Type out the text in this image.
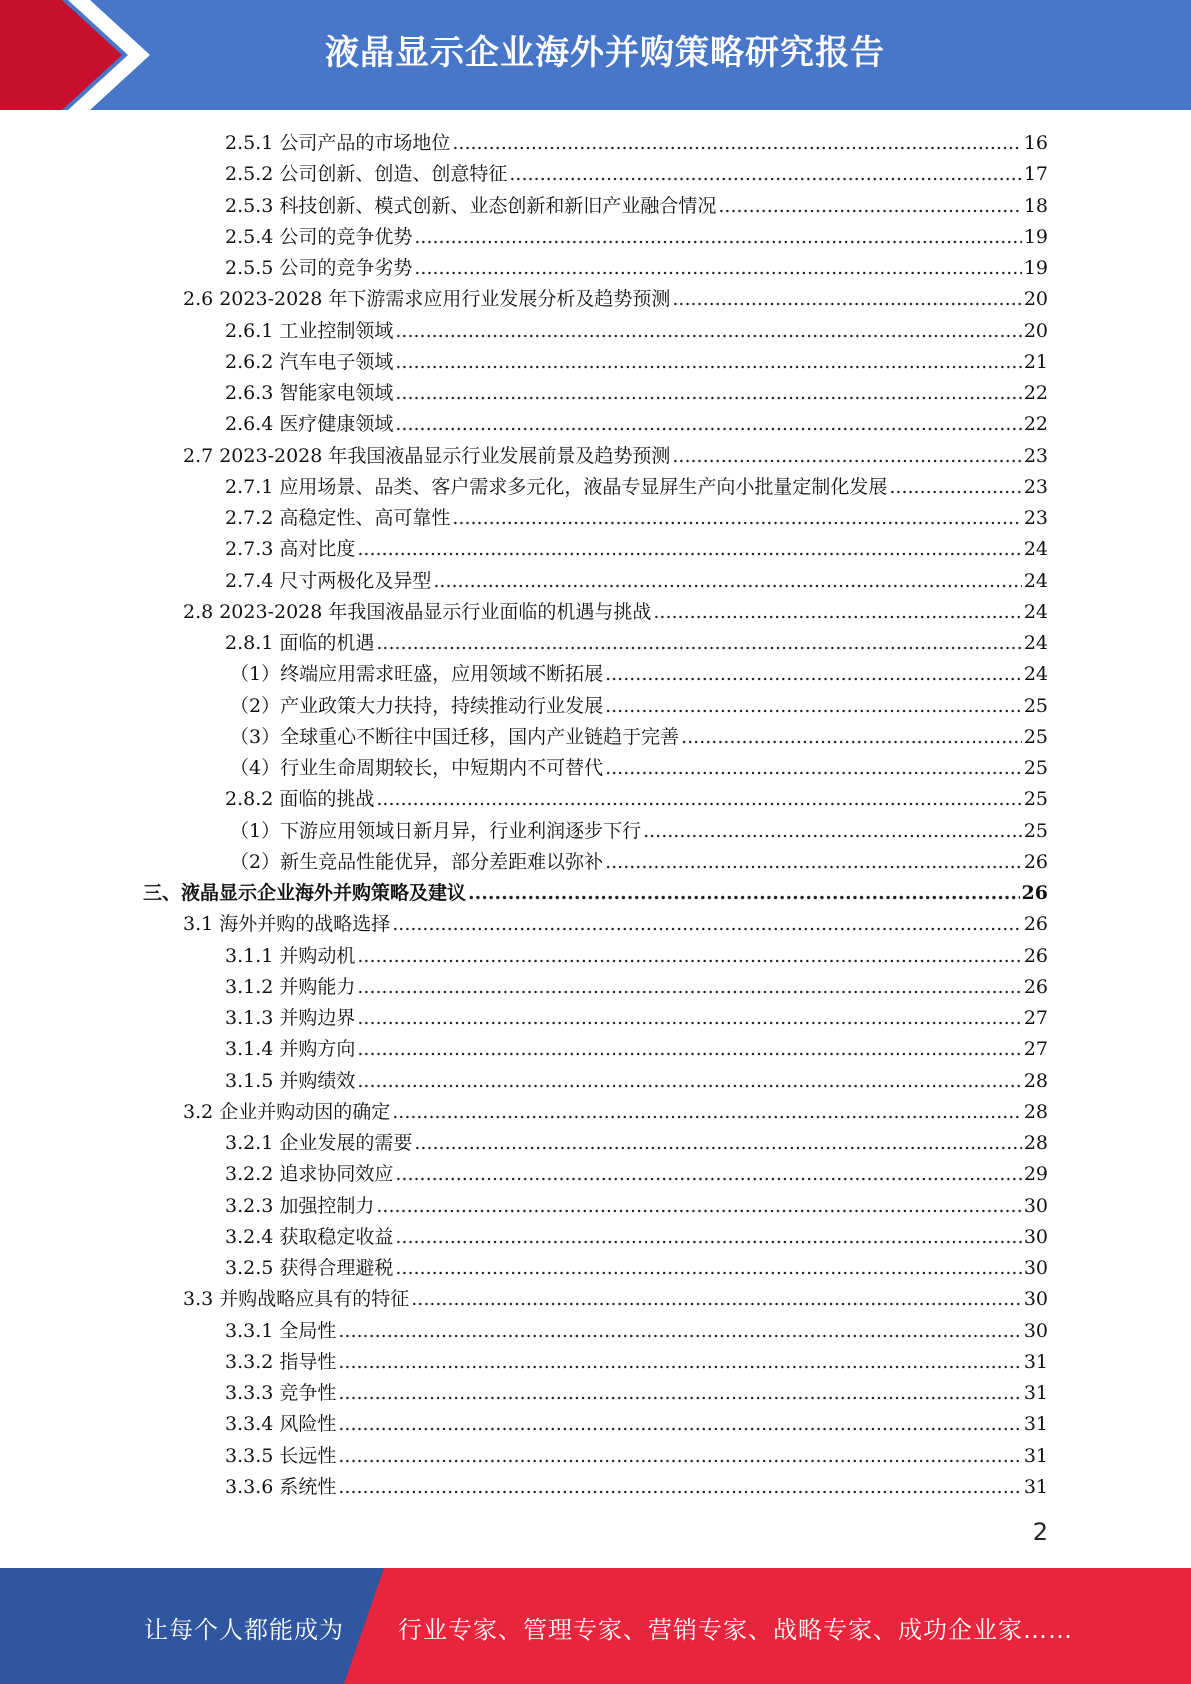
液晶显示企业海外并购策略研究报告
2.5.1 公司产品的市场地位 .....	16
2.5.2 公司创新、创造、创意特征 .....	17
2.5.3 科技创新、模式创新、业态创新和新旧产业融合情况 .....	18
2.5.4 公司的竞争优势 .....	19
2.5.5 公司的竞争劣势 .....	19
2.6 2023-2028 年下游需求应用行业发展分析及趋势预测 .....	20
2.6.1 工业控制领域 .....	20
2.6.2 汽车电子领域 .....	21
2.6.3 智能家电领域 .....	22
2.6.4 医疗健康领域 .....	22
2.7 2023-2028 年我国液晶显示行业发展前景及趋势预测 .....	23
2.7.1 应用场景、品类、客户需求多元化，液晶专显屏生产向小批量定制化发展 .....	23
2.7.2 高稳定性、高可靠性 .....	23
2.7.3 高对比度 .....	24
2.7.4 尺寸两极化及异型 .....	24
2.8 2023-2028 年我国液晶显示行业面临的机遇与挑战 .....	24
2.8.1 面临的机遇 .....	24
（1）终端应用需求旺盛，应用领域不断拓展 .....	24
（2）产业政策大力扶持，持续推动行业发展 .....	25
（3）全球重心不断往中国迁移，国内产业链趋于完善 .....	25
（4）行业生命周期较长，中短期内不可替代 .....	25
2.8.2 面临的挑战 .....	25
（1）下游应用领域日新月异，行业利润逐步下行 .....	25
（2）新生竞品性能优异，部分差距难以弥补 .....	26
三、液晶显示企业海外并购策略及建议 .....	26
3.1 海外并购的战略选择 .....	26
3.1.1 并购动机 .....	26
3.1.2 并购能力 .....	26
3.1.3 并购边界 .....	27
3.1.4 并购方向 .....	27
3.1.5 并购绩效 .....	28
3.2 企业并购动因的确定 .....	28
3.2.1 企业发展的需要 .....	28
3.2.2 追求协同效应 .....	29
3.2.3 加强控制力 .....	30
3.2.4 获取稳定收益 .....	30
3.2.5 获得合理避税 .....	30
3.3 并购战略应具有的特征 .....	30
3.3.1 全局性 .....	30
3.3.2 指导性 .....	31
3.3.3 竞争性 .....	31
3.3.4 风险性 .....	31
3.3.5 长远性 .....	31
3.3.6 系统性 .....	31
2
让每个人都能成为 行业专家、管理专家、营销专家、战略专家、成功企业家……
